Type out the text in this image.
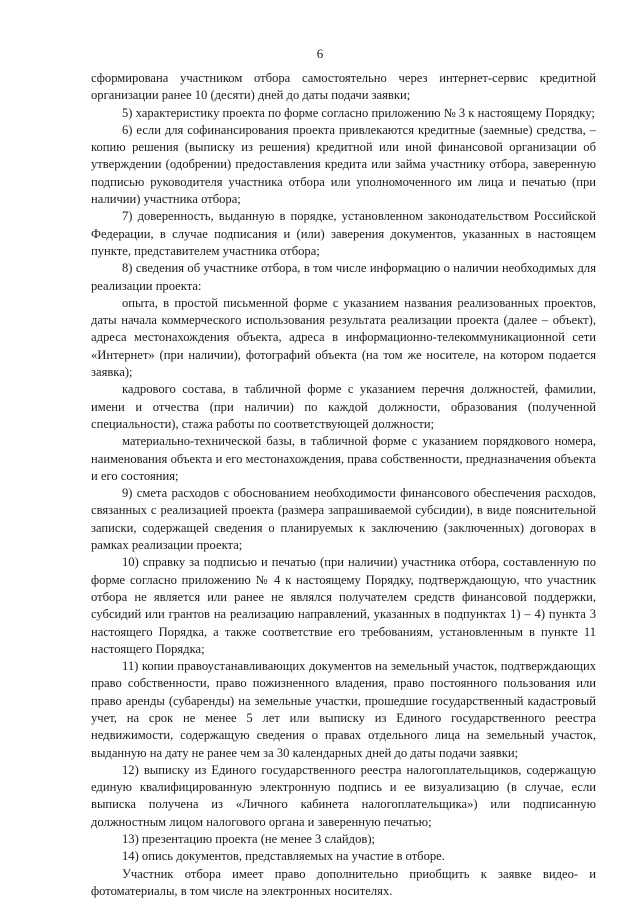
6

сформирована участником отбора самостоятельно через интернет-сервис кредитной организации ранее 10 (десяти) дней до даты подачи заявки;

5) характеристику проекта по форме согласно приложению № 3 к настоящему Порядку;

6) если для софинансирования проекта привлекаются кредитные (заемные) средства, – копию решения (выписку из решения) кредитной или иной финансовой организации об утверждении (одобрении) предоставления кредита или займа участнику отбора, заверенную подписью руководителя участника отбора или уполномоченного им лица и печатью (при наличии) участника отбора;

7) доверенность, выданную в порядке, установленном законодательством Российской Федерации, в случае подписания и (или) заверения документов, указанных в настоящем пункте, представителем участника отбора;

8) сведения об участнике отбора, в том числе информацию о наличии необходимых для реализации проекта:

опыта, в простой письменной форме с указанием названия реализованных проектов, даты начала коммерческого использования результата реализации проекта (далее – объект), адреса местонахождения объекта, адреса в информационно-телекоммуникационной сети «Интернет» (при наличии), фотографий объекта (на том же носителе, на котором подается заявка);

кадрового состава, в табличной форме с указанием перечня должностей, фамилии, имени и отчества (при наличии) по каждой должности, образования (полученной специальности), стажа работы по соответствующей должности;

материально-технической базы, в табличной форме с указанием порядкового номера, наименования объекта и его местонахождения, права собственности, предназначения объекта и его состояния;

9) смета расходов с обоснованием необходимости финансового обеспечения расходов, связанных с реализацией проекта (размера запрашиваемой субсидии), в виде пояснительной записки, содержащей сведения о планируемых к заключению (заключенных) договорах в рамках реализации проекта;

10) справку за подписью и печатью (при наличии) участника отбора, составленную по форме согласно приложению № 4 к настоящему Порядку, подтверждающую, что участник отбора не является или ранее не являлся получателем средств финансовой поддержки, субсидий или грантов на реализацию направлений, указанных в подпунктах 1) – 4) пункта 3 настоящего Порядка, а также соответствие его требованиям, установленным в пункте 11 настоящего Порядка;

11) копии правоустанавливающих документов на земельный участок, подтверждающих право собственности, право пожизненного владения, право постоянного пользования или право аренды (субаренды) на земельные участки, прошедшие государственный кадастровый учет, на срок не менее 5 лет или выписку из Единого государственного реестра недвижимости, содержащую сведения о правах отдельного лица на земельный участок, выданную на дату не ранее чем за 30 календарных дней до даты подачи заявки;

12) выписку из Единого государственного реестра налогоплательщиков, содержащую единую квалифицированную электронную подпись и ее визуализацию (в случае, если выписка получена из «Личного кабинета налогоплательщика») или подписанную должностным лицом налогового органа и заверенную печатью;

13) презентацию проекта (не менее 3 слайдов);

14) опись документов, представляемых на участие в отборе.

Участник отбора имеет право дополнительно приобщить к заявке видео- и фотоматериалы, в том числе на электронных носителях.
